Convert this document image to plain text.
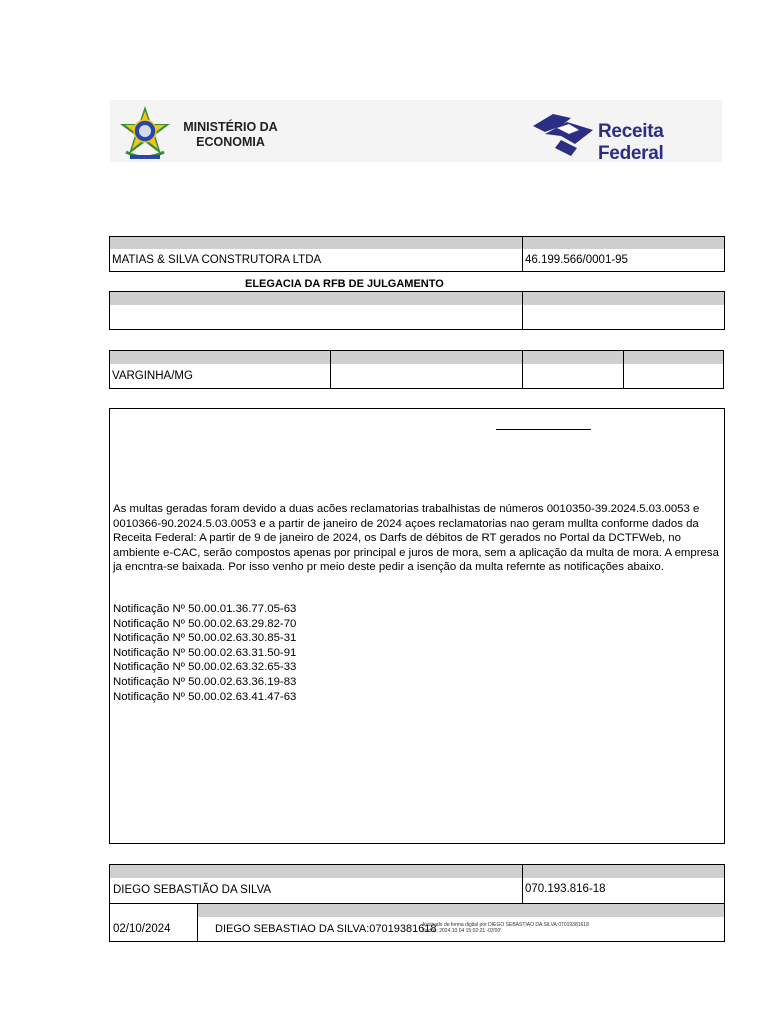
MINISTÉRIO DA
ECONOMIA	Receita Federal
MATIAS & SILVA CONSTRUTORA LTDA	46.199.566/0001-95
ELEGACIA DA RFB DE JULGAMENTO
VARGINHA/MG
As multas geradas foram devido a duas acões reclamatorias trabalhistas de números 0010350-39.2024.5.03.0053 e 0010366-90.2024.5.03.0053 e a partir de janeiro de 2024 açoes reclamatorias nao geram mullta conforme dados da Receita Federal: A partir de 9 de janeiro de 2024, os Darfs de débitos de RT gerados no Portal da DCTFWeb, no ambiente e-CAC, serão compostos apenas por principal e juros de mora, sem a aplicação da multa de mora. A empresa ja encntra-se baixada. Por isso venho pr meio deste pedir a isenção da multa refernte as notificações abaixo.
Notificação Nº 50.00.01.36.77.05-63
Notificação Nº 50.00.02.63.29.82-70
Notificação Nº 50.00.02.63.30.85-31
Notificação Nº 50.00.02.63.31.50-91
Notificação Nº 50.00.02.63.32.65-33
Notificação Nº 50.00.02.63.36.19-83
Notificação Nº 50.00.02.63.41.47-63
DIEGO SEBASTIÃO DA SILVA	070.193.816-18
02/10/2024	DIEGO SEBASTIAO DA SILVA:07019381618
Assinado de forma digital por DIEGO SEBASTIAO DA SILVA:07019381618
Dados: 2024.10.04 15:02:21 -03'00'
